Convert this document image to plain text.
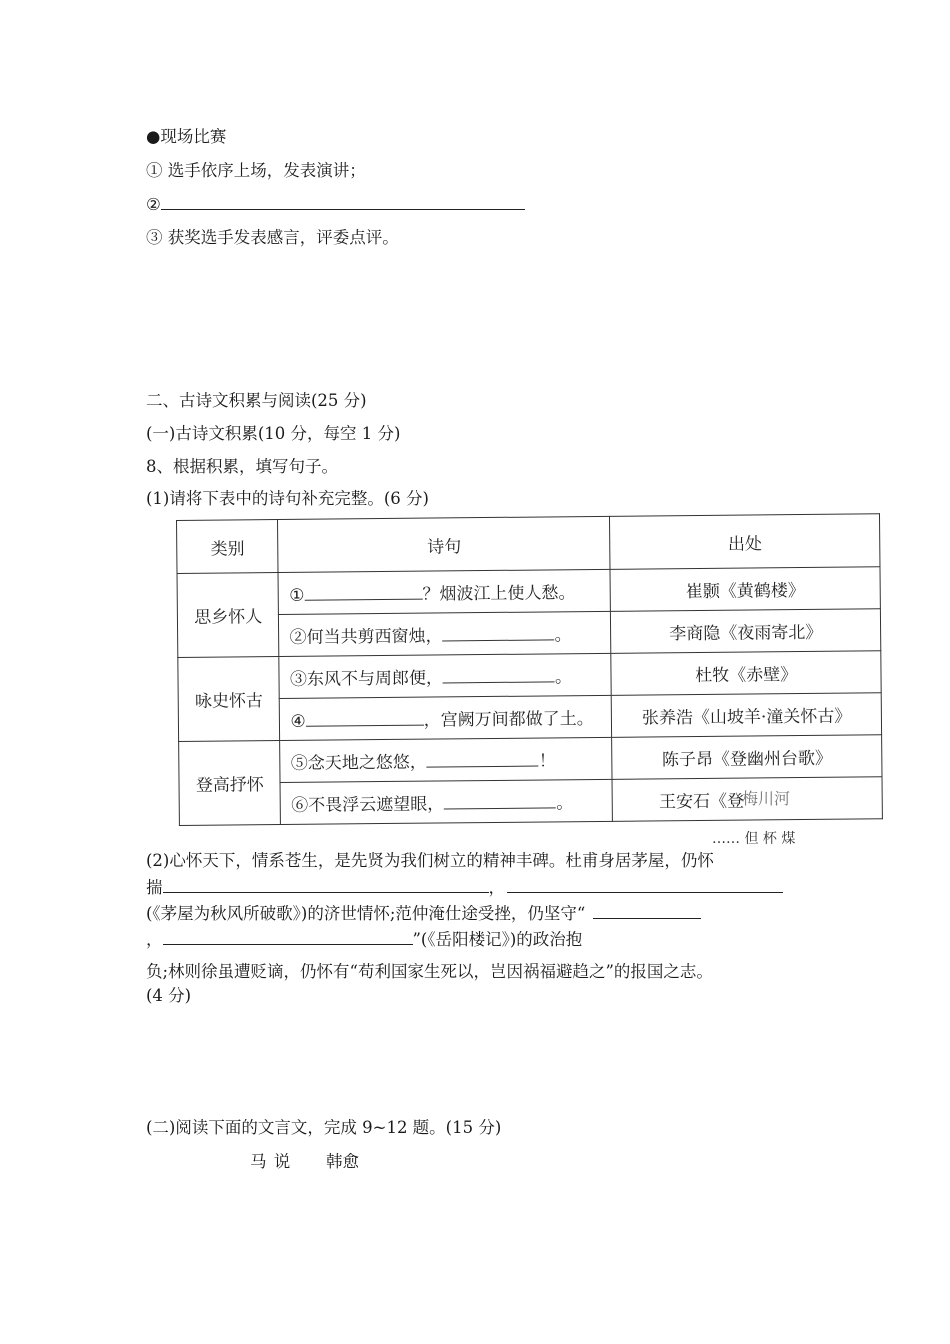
●现场比赛
① 选手依序上场，发表演讲；
②
③ 获奖选手发表感言，评委点评。
二、古诗文积累与阅读(25 分)
(一)古诗文积累(10 分，每空 1 分)
8、根据积累，填写句子。
(1)请将下表中的诗句补充完整。(6 分)
类别	诗句	出处
思乡怀人	① ？烟波江上使人愁。	崔颢《黄鹤楼》
	②何当共剪西窗烛， 。	李商隐《夜雨寄北》
咏史怀古	③东风不与周郎便， 。	杜牧《赤壁》
	④ ，宫阙万间都做了土。	张养浩《山坡羊·潼关怀古》
登高抒怀	⑤念天地之悠悠， ！	陈子昂《登幽州台歌》
	⑥不畏浮云遮望眼， 。	王安石《登
梅川河
…… 但 杯 煤
(2)心怀天下，情系苍生，是先贤为我们树立的精神丰碑。杜甫身居茅屋，仍怀
揣	，
(《茅屋为秋风所破歌》)的济世情怀;范仲淹仕途受挫，仍坚守“
，	”(《岳阳楼记》)的政治抱
负;林则徐虽遭贬谪，仍怀有“苟利国家生死以，岂因祸福避趋之”的报国之志。
(4 分)
(二)阅读下面的文言文，完成 9~12 题。(15 分)
马 说 韩愈
